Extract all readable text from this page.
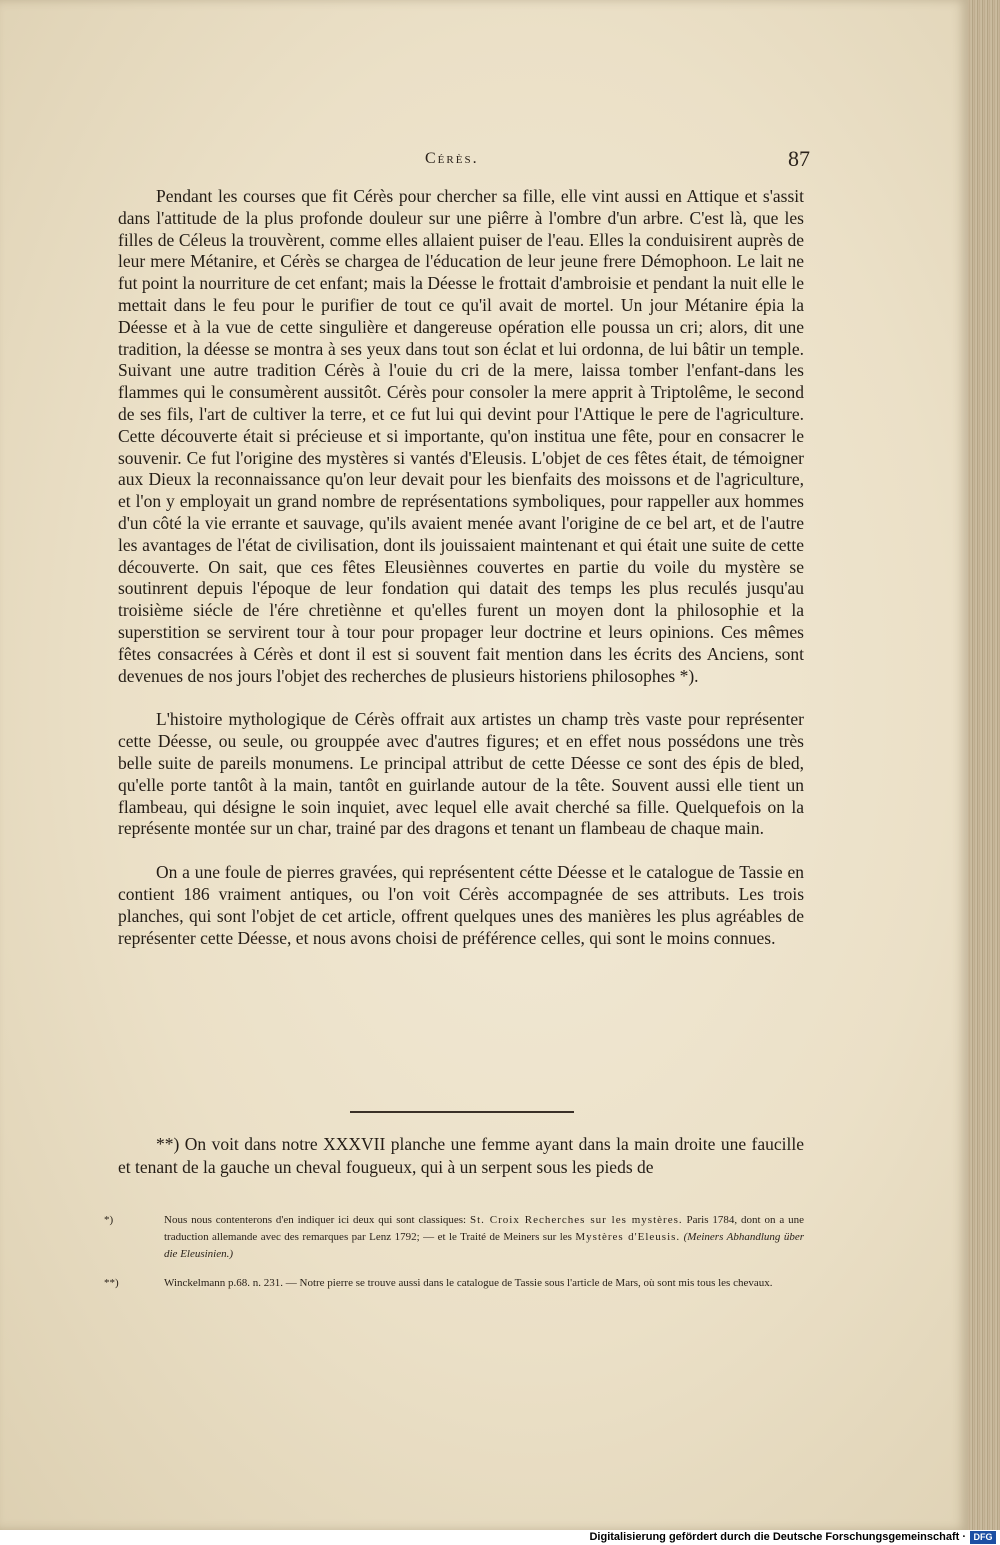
Cérès.	87

Pendant les courses que fit Cérès pour chercher sa fille, elle vint aussi en Attique et s'assit dans l'attitude de la plus profonde douleur sur une piêrre à l'ombre d'un arbre. C'est là, que les filles de Céleus la trouvèrent, comme elles allaient puiser de l'eau. Elles la conduisirent auprès de leur mere Métanire, et Cérès se chargea de l'éducation de leur jeune frere Démophoon. Le lait ne fut point la nourriture de cet enfant; mais la Déesse le frottait d'ambroisie et pendant la nuit elle le mettait dans le feu pour le purifier de tout ce qu'il avait de mortel. Un jour Métanire épia la Déesse et à la vue de cette singulière et dangereuse opération elle poussa un cri; alors, dit une tradition, la déesse se montra à ses yeux dans tout son éclat et lui ordonna, de lui bâtir un temple. Suivant une autre tradition Cérès à l'ouie du cri de la mere, laissa tomber l'enfant-dans les flammes qui le consumèrent aussitôt. Cérès pour consoler la mere apprit à Triptolême, le second de ses fils, l'art de cultiver la terre, et ce fut lui qui devint pour l'Attique le pere de l'agriculture. Cette découverte était si précieuse et si importante, qu'on institua une fête, pour en consacrer le souvenir. Ce fut l'origine des mystères si vantés d'Eleusis. L'objet de ces fêtes était, de témoigner aux Dieux la reconnaissance qu'on leur devait pour les bienfaits des moissons et de l'agriculture, et l'on y employait un grand nombre de représentations symboliques, pour rappeller aux hommes d'un côté la vie errante et sauvage, qu'ils avaient menée avant l'origine de ce bel art, et de l'autre les avantages de l'état de civilisation, dont ils jouissaient maintenant et qui était une suite de cette découverte. On sait, que ces fêtes Eleusiènnes couvertes en partie du voile du mystère se soutinrent depuis l'époque de leur fondation qui datait des temps les plus reculés jusqu'au troisième siécle de l'ére chretiènne et qu'elles furent un moyen dont la philosophie et la superstition se servirent tour à tour pour propager leur doctrine et leurs opinions. Ces mêmes fêtes consacrées à Cérès et dont il est si souvent fait mention dans les écrits des Anciens, sont devenues de nos jours l'objet des recherches de plusieurs historiens philosophes *).

L'histoire mythologique de Cérès offrait aux artistes un champ très vaste pour représenter cette Déesse, ou seule, ou grouppée avec d'autres figures; et en effet nous possédons une très belle suite de pareils monumens. Le principal attribut de cette Déesse ce sont des épis de bled, qu'elle porte tantôt à la main, tantôt en guirlande autour de la tête. Souvent aussi elle tient un flambeau, qui désigne le soin inquiet, avec lequel elle avait cherché sa fille. Quelquefois on la représente montée sur un char, trainé par des dragons et tenant un flambeau de chaque main.

On a une foule de pierres gravées, qui représentent cétte Déesse et le catalogue de Tassie en contient 186 vraiment antiques, ou l'on voit Cérès accompagnée de ses attributs. Les trois planches, qui sont l'objet de cet article, offrent quelques unes des manières les plus agréables de représenter cette Déesse, et nous avons choisi de préférence celles, qui sont le moins connues.

**) On voit dans notre XXXVII planche une femme ayant dans la main droite une faucille et tenant de la gauche un cheval fougueux, qui à un serpent sous les pieds de
*)	Nous nous contenterons d'en indiquer ici deux qui sont classiques: St. Croix Recherches sur les mystères. Paris 1784, dont on a une traduction allemande avec des remarques par Lenz 1792; — et le Traité de Meiners sur les Mystères d'Eleusis. (Meiners Abhandlung über die Eleusinien.)
**)	Winckelmann p.68. n. 231. — Notre pierre se trouve aussi dans le catalogue de Tassie sous l'article de Mars, où sont mis tous les chevaux.
Digitalisierung gefördert durch die Deutsche Forschungsgemeinschaft · DFG
